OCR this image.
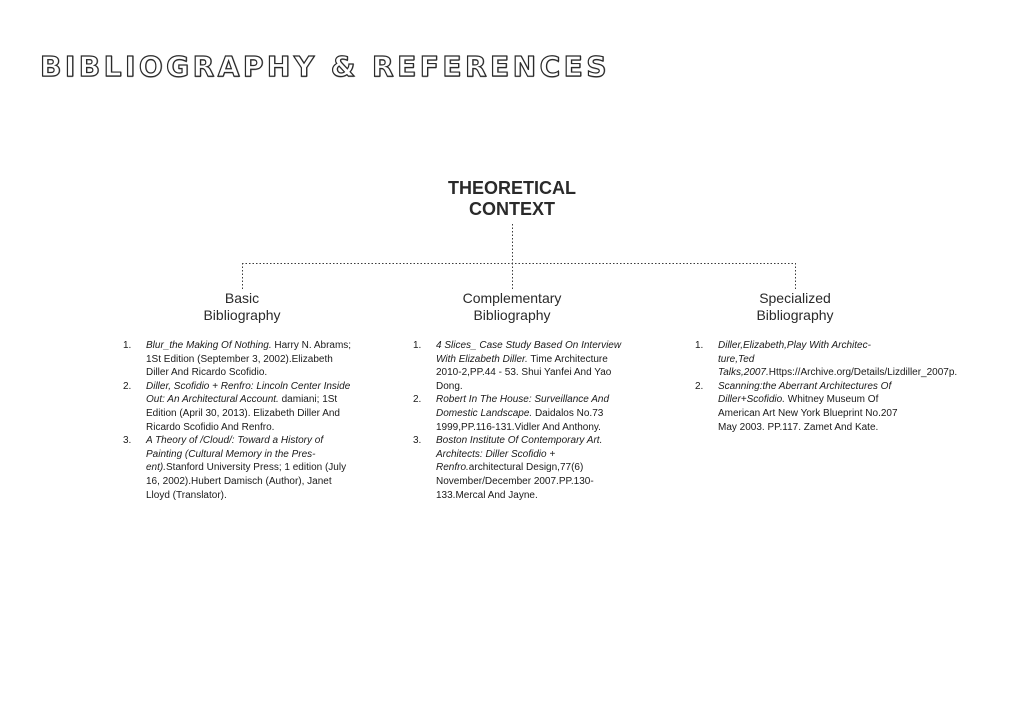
BIBLIOGRAPHY & REFERENCES
THEORETICAL
CONTEXT
Basic
Bibliography
Complementary
Bibliography
Specialized
Bibliography
1. Blur_the Making Of Nothing. Harry N. Abrams; 1St Edition (September 3, 2002).Elizabeth Diller And Ricardo Scofidio.
2. Diller, Scofidio + Renfro: Lincoln Center Inside Out: An Architectural Account. damiani; 1St Edition (April 30, 2013). Elizabeth Diller And Ricardo Scofidio And Renfro.
3. A Theory of /Cloud/: Toward a History of Painting (Cultural Memory in the Pres-ent).Stanford University Press; 1 edition (July 16, 2002).Hubert Damisch (Author), Janet Lloyd (Translator).
1. 4 Slices_ Case Study Based On Interview With Elizabeth Diller. Time Architecture 2010-2,PP.44 - 53. Shui Yanfei And Yao Dong.
2. Robert In The House: Surveillance And Domestic Landscape. Daidalos No.73 1999,PP.116-131.Vidler And Anthony.
3. Boston Institute Of Contemporary Art. Architects: Diller Scofidio + Renfro.architectural Design,77(6) November/December 2007.PP.130-133.Mercal And Jayne.
1. Diller,Elizabeth,Play With Architec-ture,Ted Talks,2007.Https://Archive.org/Details/Lizdiller_2007p.
2. Scanning:the Aberrant Architectures Of Diller+Scofidio. Whitney Museum Of American Art New York Blueprint No.207 May 2003. PP.117. Zamet And Kate.
